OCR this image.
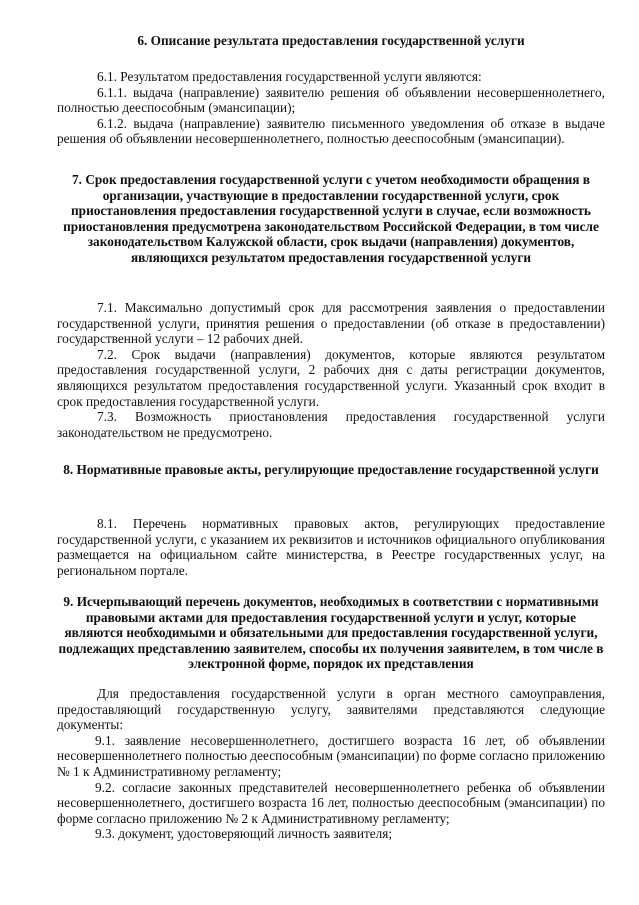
6. Описание результата предоставления государственной услуги

6.1. Результатом предоставления государственной услуги являются:

6.1.1. выдача (направление) заявителю решения об объявлении несовершеннолетнего, полностью дееспособным (эмансипации);

6.1.2. выдача (направление) заявителю письменного уведомления об отказе в выдаче решения об объявлении несовершеннолетнего, полностью дееспособным (эмансипации).

7. Срок предоставления государственной услуги с учетом необходимости обращения в организации, участвующие в предоставлении государственной услуги, срок приостановления предоставления государственной услуги в случае, если возможность приостановления предусмотрена законодательством Российской Федерации, в том числе законодательством Калужской области, срок выдачи (направления) документов, являющихся результатом предоставления государственной услуги

7.1. Максимально допустимый срок для рассмотрения заявления о предоставлении государственной услуги, принятия решения о предоставлении (об отказе в предоставлении) государственной услуги – 12 рабочих дней.

7.2. Срок выдачи (направления) документов, которые являются результатом предоставления государственной услуги, 2 рабочих дня с даты регистрации документов, являющихся результатом предоставления государственной услуги. Указанный срок входит в срок предоставления государственной услуги.

7.3. Возможность приостановления предоставления государственной услуги законодательством не предусмотрено.

8. Нормативные правовые акты, регулирующие предоставление государственной услуги

8.1. Перечень нормативных правовых актов, регулирующих предоставление государственной услуги, с указанием их реквизитов и источников официального опубликования размещается на официальном сайте министерства, в Реестре государственных услуг, на региональном портале.

9. Исчерпывающий перечень документов, необходимых в соответствии с нормативными правовыми актами для предоставления государственной услуги и услуг, которые являются необходимыми и обязательными для предоставления государственной услуги, подлежащих представлению заявителем, способы их получения заявителем, в том числе в электронной форме, порядок их представления

Для предоставления государственной услуги в орган местного самоуправления, предоставляющий государственную услугу, заявителями представляются следующие документы:

9.1. заявление несовершеннолетнего, достигшего возраста 16 лет, об объявлении несовершеннолетнего полностью дееспособным (эмансипации) по форме согласно приложению № 1 к Административному регламенту;

9.2. согласие законных представителей несовершеннолетнего ребенка об объявлении несовершеннолетнего, достигшего возраста 16 лет, полностью дееспособным (эмансипации) по форме согласно приложению № 2 к Административному регламенту;

9.3. документ, удостоверяющий личность заявителя;
